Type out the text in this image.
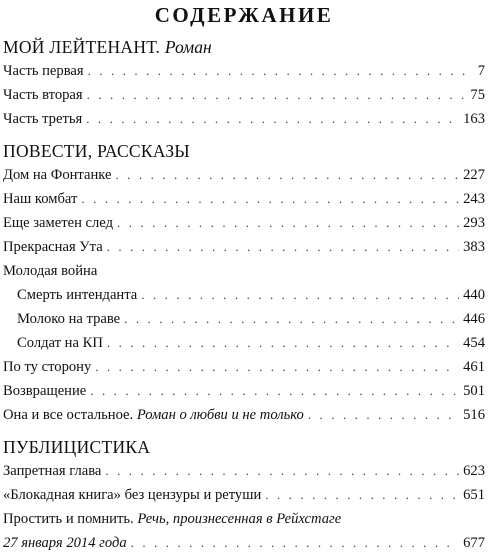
СОДЕРЖАНИЕ
МОЙ ЛЕЙТЕНАНТ. Роман
Часть первая . . .	7
Часть вторая . . .	75
Часть третья . . .	163
ПОВЕСТИ, РАССКАЗЫ
Дом на Фонтанке . . .	227
Наш комбат . . .	243
Еще заметен след . . .	293
Прекрасная Ута . . .	383
Молодая война
Смерть интенданта . . .	440
Молоко на траве . . .	446
Солдат на КП . . .	454
По ту сторону . . .	461
Возвращение . . .	501
Она и все остальное. Роман о любви и не только . . .	516
ПУБЛИЦИСТИКА
Запретная глава . . .	623
«Блокадная книга» без цензуры и ретуши . . .	651
Простить и помнить. Речь, произнесенная в Рейхстаге
27 января 2014 года . . .	677
